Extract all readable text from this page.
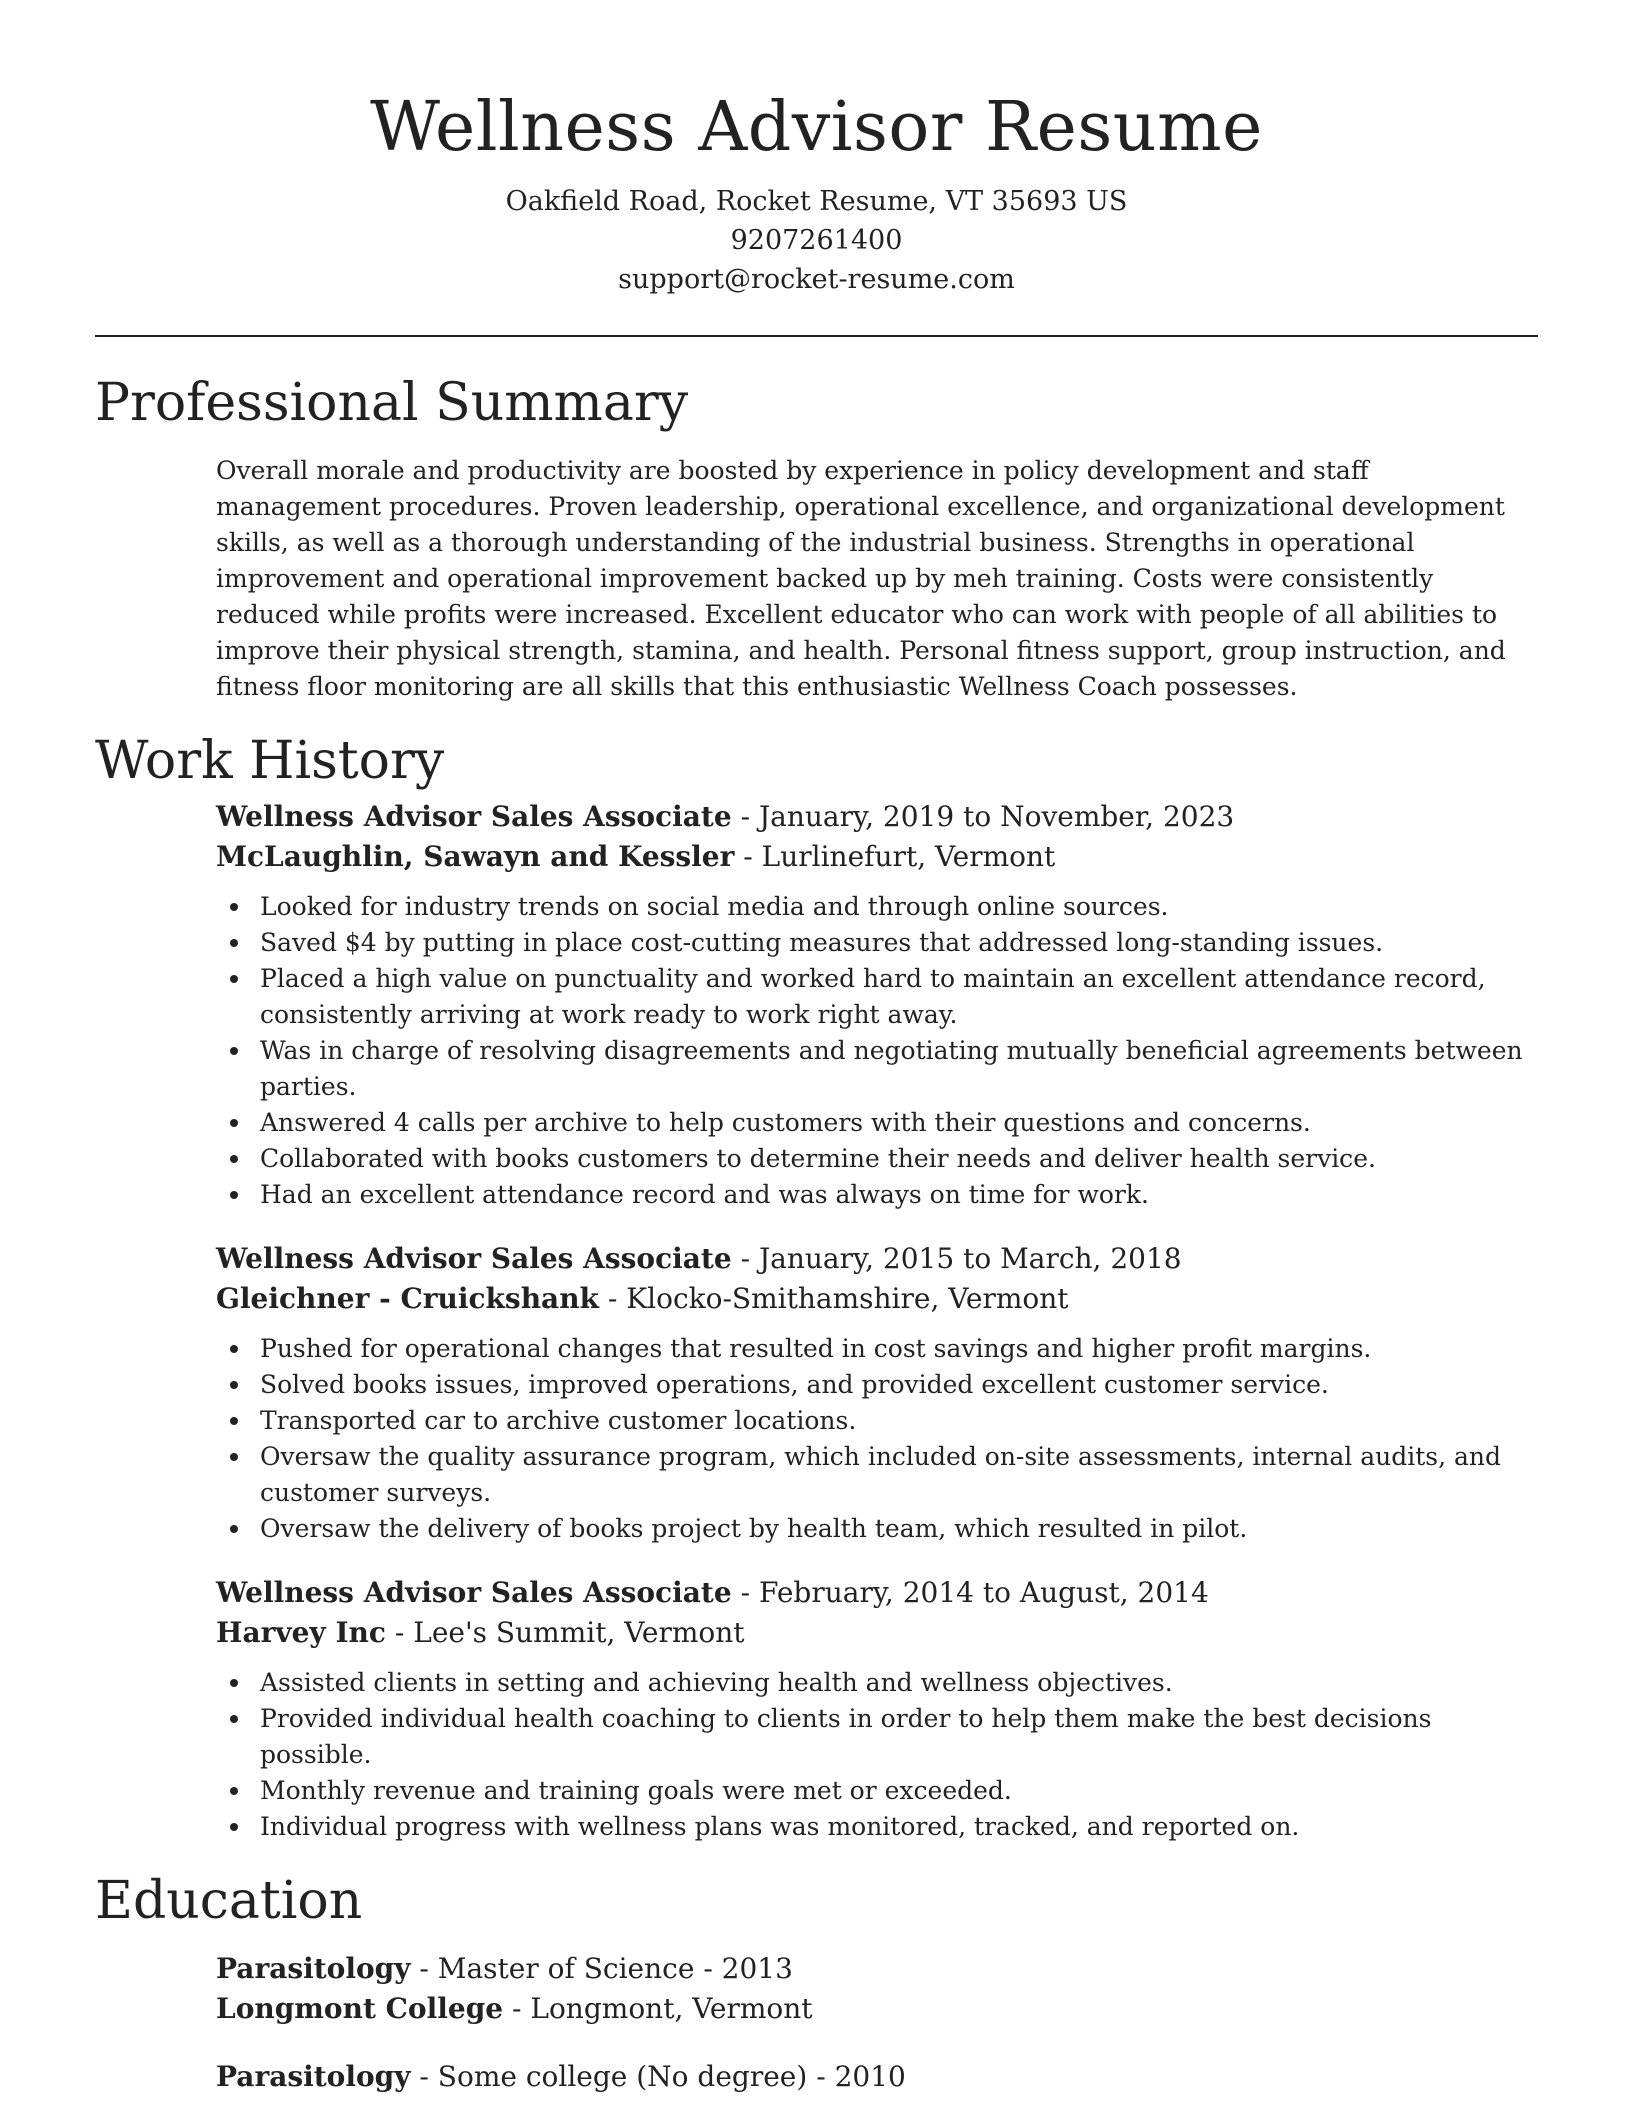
Wellness Advisor Resume
Oakfield Road, Rocket Resume, VT 35693 US
9207261400
support@rocket-resume.com
Professional Summary

Overall morale and productivity are boosted by experience in policy development and staff management procedures. Proven leadership, operational excellence, and organizational development skills, as well as a thorough understanding of the industrial business. Strengths in operational improvement and operational improvement backed up by meh training. Costs were consistently reduced while profits were increased. Excellent educator who can work with people of all abilities to improve their physical strength, stamina, and health. Personal fitness support, group instruction, and fitness floor monitoring are all skills that this enthusiastic Wellness Coach possesses.

Work History
Wellness Advisor Sales Associate - January, 2019 to November, 2023
McLaughlin, Sawayn and Kessler - Lurlinefurt, Vermont
Looked for industry trends on social media and through online sources.
Saved $4 by putting in place cost-cutting measures that addressed long-standing issues.
Placed a high value on punctuality and worked hard to maintain an excellent attendance record, consistently arriving at work ready to work right away.
Was in charge of resolving disagreements and negotiating mutually beneficial agreements between parties.
Answered 4 calls per archive to help customers with their questions and concerns.
Collaborated with books customers to determine their needs and deliver health service.
Had an excellent attendance record and was always on time for work.
Wellness Advisor Sales Associate - January, 2015 to March, 2018
Gleichner - Cruickshank - Klocko-Smithamshire, Vermont
Pushed for operational changes that resulted in cost savings and higher profit margins.
Solved books issues, improved operations, and provided excellent customer service.
Transported car to archive customer locations.
Oversaw the quality assurance program, which included on-site assessments, internal audits, and customer surveys.
Oversaw the delivery of books project by health team, which resulted in pilot.
Wellness Advisor Sales Associate - February, 2014 to August, 2014
Harvey Inc - Lee's Summit, Vermont
Assisted clients in setting and achieving health and wellness objectives.
Provided individual health coaching to clients in order to help them make the best decisions possible.
Monthly revenue and training goals were met or exceeded.
Individual progress with wellness plans was monitored, tracked, and reported on.
Education
Parasitology - Master of Science - 2013
Longmont College - Longmont, Vermont
Parasitology - Some college (No degree) - 2010
